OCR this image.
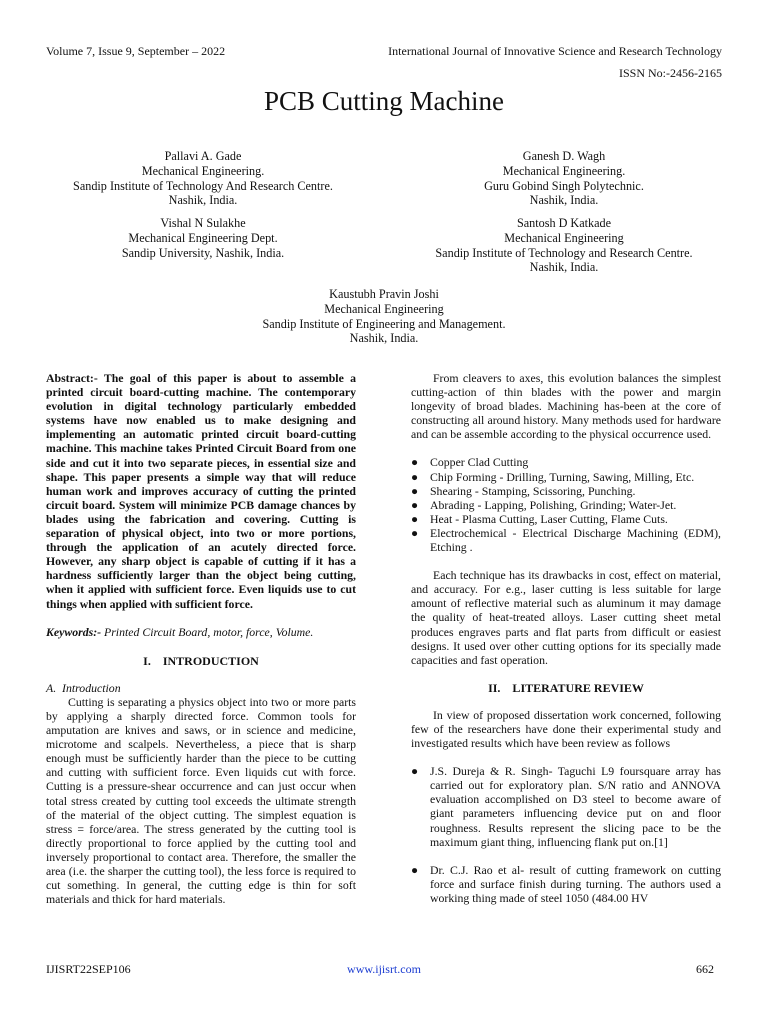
Volume 7, Issue 9, September – 2022	International Journal of Innovative Science and Research Technology
ISSN No:-2456-2165
PCB Cutting Machine
Pallavi A. Gade
Mechanical Engineering.
Sandip Institute of Technology And Research Centre.
Nashik, India.
Ganesh D. Wagh
Mechanical Engineering.
Guru Gobind Singh Polytechnic.
Nashik, India.
Vishal N Sulakhe
Mechanical Engineering Dept.
Sandip University, Nashik, India.
Santosh D Katkade
Mechanical Engineering
Sandip Institute of Technology and Research Centre.
Nashik, India.
Kaustubh Pravin Joshi
Mechanical Engineering
Sandip Institute of Engineering and Management.
Nashik, India.

Abstract:- The goal of this paper is about to assemble a printed circuit board-cutting machine. The contemporary evolution in digital technology particularly embedded systems have now enabled us to make designing and implementing an automatic printed circuit board-cutting machine. This machine takes Printed Circuit Board from one side and cut it into two separate pieces, in essential size and shape. This paper presents a simple way that will reduce human work and improves accuracy of cutting the printed circuit board. System will minimize PCB damage chances by blades using the fabrication and covering. Cutting is separation of physical object, into two or more portions, through the application of an acutely directed force. However, any sharp object is capable of cutting if it has a hardness sufficiently larger than the object being cutting, when it applied with sufficient force. Even liquids use to cut things when applied with sufficient force.

Keywords:- Printed Circuit Board, motor, force, Volume.

I.    INTRODUCTION

A.  Introduction

Cutting is separating a physics object into two or more parts by applying a sharply directed force. Common tools for amputation are knives and saws, or in science and medicine, microtome and scalpels. Nevertheless, a piece that is sharp enough must be sufficiently harder than the piece to be cutting and cutting with sufficient force. Even liquids cut with force. Cutting is a pressure-shear occurrence and can just occur when total stress created by cutting tool exceeds the ultimate strength of the material of the object cutting. The simplest equation is stress = force/area. The stress generated by the cutting tool is directly proportional to force applied by the cutting tool and inversely proportional to contact area. Therefore, the smaller the area (i.e. the sharper the cutting tool), the less force is required to cut something. In general, the cutting edge is thin for soft materials and thick for hard materials.

From cleavers to axes, this evolution balances the simplest cutting-action of thin blades with the power and margin longevity of broad blades. Machining has-been at the core of constructing all around history. Many methods used for hardware and can be assemble according to the physical occurrence used.

● Copper Clad Cutting
● Chip Forming - Drilling, Turning, Sawing, Milling, Etc.
● Shearing - Stamping, Scissoring, Punching.
● Abrading - Lapping, Polishing, Grinding; Water-Jet.
● Heat - Plasma Cutting, Laser Cutting, Flame Cuts.
● Electrochemical - Electrical Discharge Machining (EDM), Etching .

Each technique has its drawbacks in cost, effect on material, and accuracy. For e.g., laser cutting is less suitable for large amount of reflective material such as aluminum it may damage the quality of heat-treated alloys. Laser cutting sheet metal produces engraves parts and flat parts from difficult or easiest designs. It used over other cutting options for its specially made capacities and fast operation.

II.    LITERATURE REVIEW

In view of proposed dissertation work concerned, following few of the researchers have done their experimental study and investigated results which have been review as follows

● J.S. Dureja & R. Singh- Taguchi L9 foursquare array has carried out for exploratory plan. S/N ratio and ANNOVA evaluation accomplished on D3 steel to become aware of giant parameters influencing device put on and floor roughness. Results represent the slicing pace to be the maximum giant thing, influencing flank put on.[1]
● Dr. C.J. Rao et al- result of cutting framework on cutting force and surface finish during turning. The authors used a working thing made of steel 1050 (484.00 HV
IJISRT22SEP106	www.ijisrt.com	662
